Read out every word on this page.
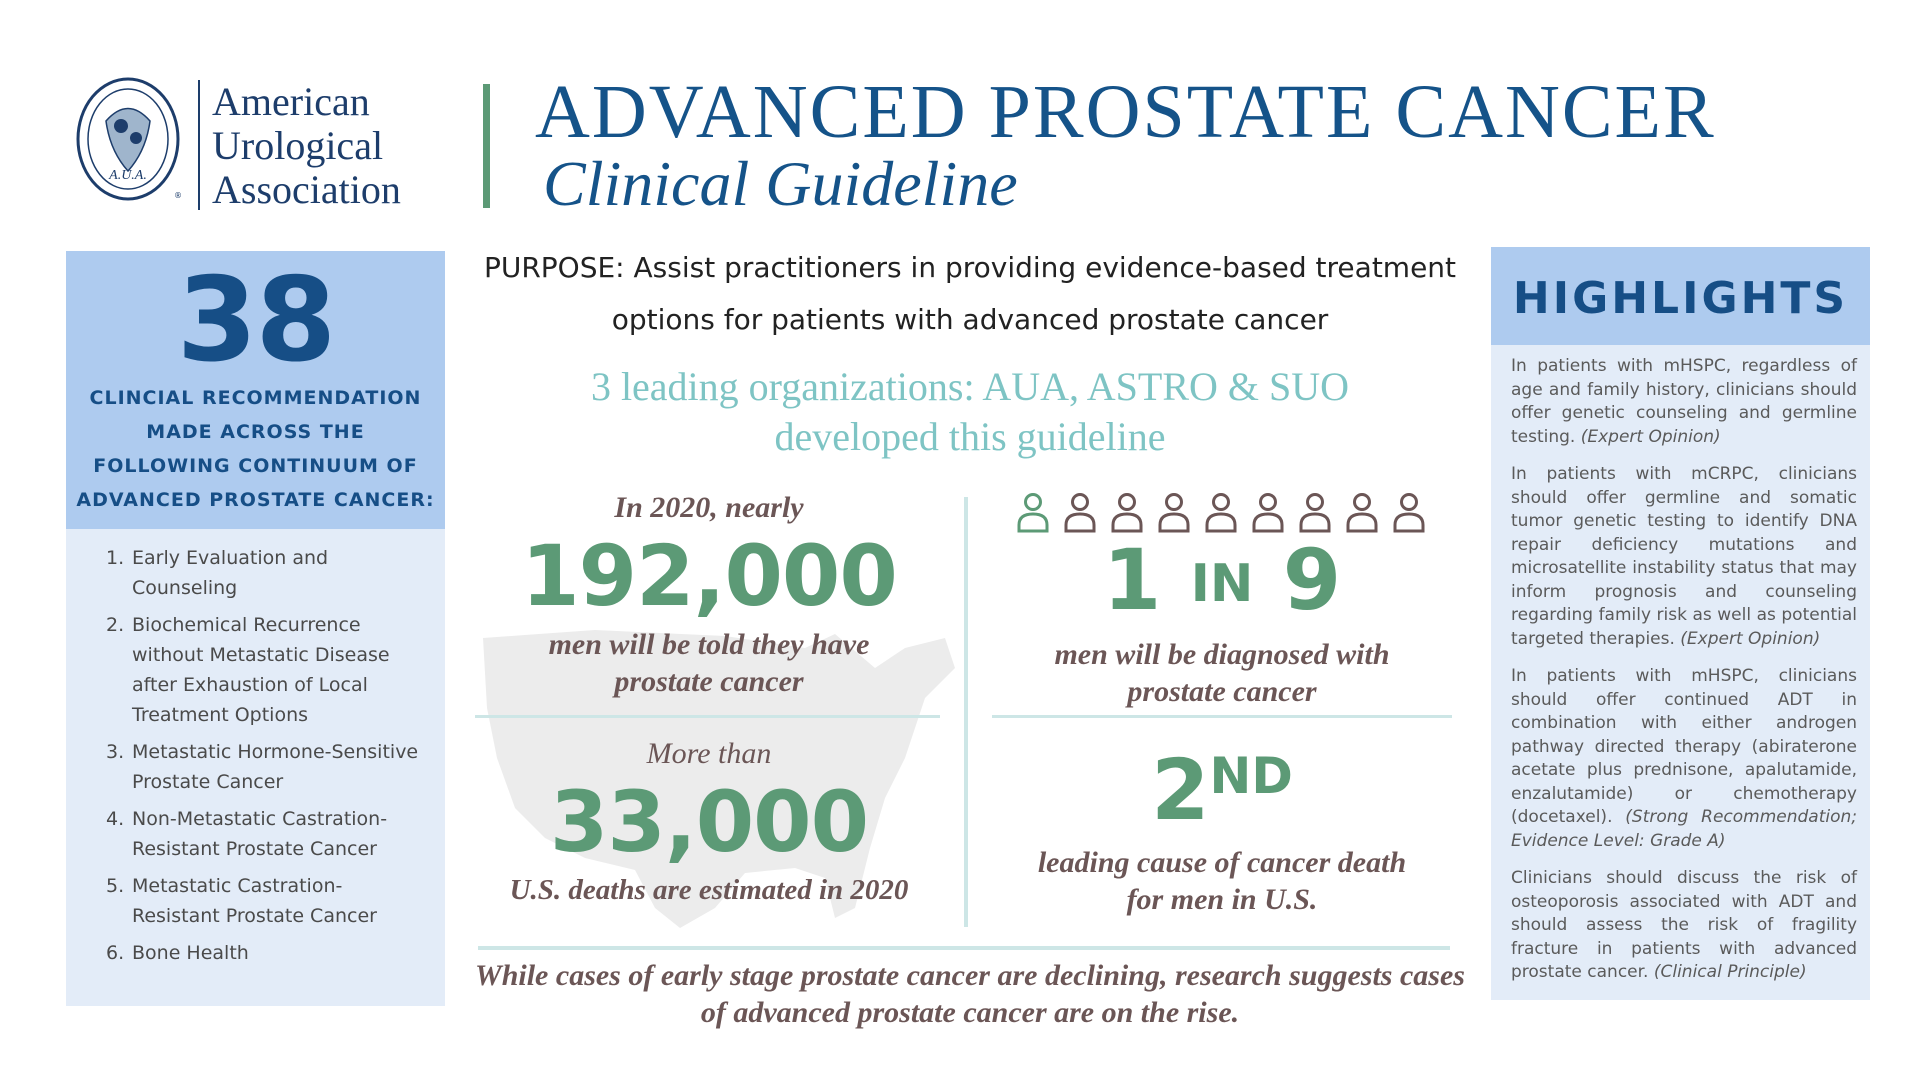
A.U.A.
®
American
Urological
Association
ADVANCED PROSTATE CANCER
Clinical Guideline
38
CLINCIAL RECOMMENDATION MADE ACROSS THE FOLLOWING CONTINUUM OF ADVANCED PROSTATE CANCER:
1. Early Evaluation and Counseling
2. Biochemical Recurrence without Metastatic Disease after Exhaustion of Local Treatment Options
3. Metastatic Hormone-Sensitive Prostate Cancer
4. Non-Metastatic Castration-Resistant Prostate Cancer
5. Metastatic Castration-Resistant Prostate Cancer
6. Bone Health
PURPOSE: Assist practitioners in providing evidence-based treatment options for patients with advanced prostate cancer
3 leading organizations: AUA, ASTRO & SUO
developed this guideline
In 2020, nearly
192,000
men will be told they have prostate cancer
1 IN 9
men will be diagnosed with prostate cancer
More than
33,000
U.S. deaths are estimated in 2020
2ND
leading cause of cancer death for men in U.S.
While cases of early stage prostate cancer are declining, research suggests cases of advanced prostate cancer are on the rise.
HIGHLIGHTS
In patients with mHSPC, regardless of age and family history, clinicians should offer genetic counseling and germline testing. (Expert Opinion)
In patients with mCRPC, clinicians should offer germline and somatic tumor genetic testing to identify DNA repair deficiency mutations and microsatellite instability status that may inform prognosis and counseling regarding family risk as well as potential targeted therapies. (Expert Opinion)
In patients with mHSPC, clinicians should offer continued ADT in combination with either androgen pathway directed therapy (abiraterone acetate plus prednisone, apalutamide, enzalutamide) or chemotherapy (docetaxel). (Strong Recommendation; Evidence Level: Grade A)
Clinicians should discuss the risk of osteoporosis associated with ADT and should assess the risk of fragility fracture in patients with advanced prostate cancer. (Clinical Principle)
